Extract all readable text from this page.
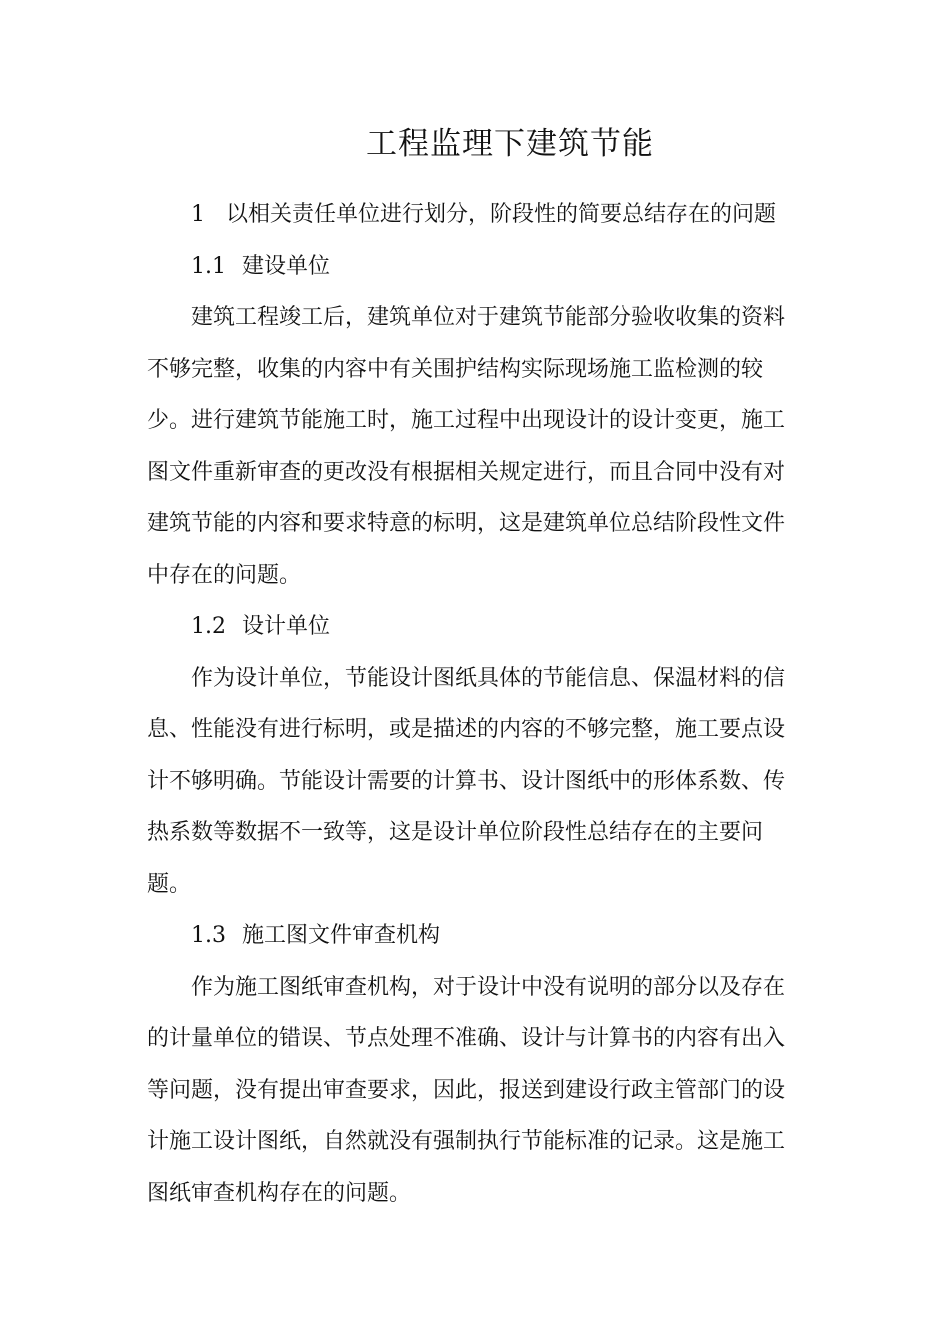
工程监理下建筑节能

1 以相关责任单位进行划分，阶段性的简要总结存在的问题

1.1 建设单位

建筑工程竣工后，建筑单位对于建筑节能部分验收收集的资料

不够完整，收集的内容中有关围护结构实际现场施工监检测的较

少。进行建筑节能施工时，施工过程中出现设计的设计变更，施工

图文件重新审查的更改没有根据相关规定进行，而且合同中没有对

建筑节能的内容和要求特意的标明，这是建筑单位总结阶段性文件

中存在的问题。

1.2 设计单位

作为设计单位，节能设计图纸具体的节能信息、保温材料的信

息、性能没有进行标明，或是描述的内容的不够完整，施工要点设

计不够明确。节能设计需要的计算书、设计图纸中的形体系数、传

热系数等数据不一致等，这是设计单位阶段性总结存在的主要问

题。

1.3 施工图文件审查机构

作为施工图纸审查机构，对于设计中没有说明的部分以及存在

的计量单位的错误、节点处理不准确、设计与计算书的内容有出入

等问题，没有提出审查要求，因此，报送到建设行政主管部门的设

计施工设计图纸，自然就没有强制执行节能标准的记录。这是施工

图纸审查机构存在的问题。
